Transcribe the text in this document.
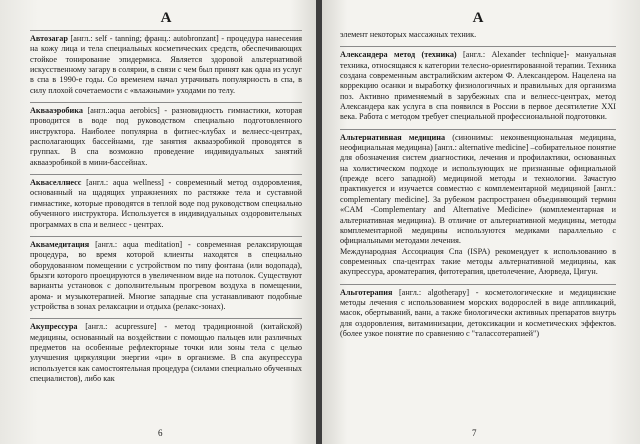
А

Автозагар [англ.: self - tanning; франц.: autobronzant] - процедура нанесения на кожу лица и тела специальных косметических средств, обеспечивающих стойкое тонирование эпидермиса. Является здоровой альтернативой искусственному загару в солярии, в связи с чем был принят как одна из услуг в спа в 1990-е годы. Со временем начал утрачивать популярность в спа, в силу плохой сочетаемости с «влажными» уходами по телу.

Аквааэробика [англ.:aqua aerobics] - разновидность гимнастики, которая проводится в воде под руководством специально подготовленного инструктора. Наиболее популярна в фитнес-клубах и велнесс-центрах, располагающих бассейнами, где занятия аквааэробикой проводятся в группах. В спа возможно проведение индивидуальных занятий аквааэробикой в мини-бассейнах.

Акваселлнесс [англ.: aqua wellness] - современный метод оздоровления, основанный на щадящих упражнениях по растяжке тела и суставной гимнастике, которые проводятся в теплой воде под руководством специально обученного инструктора. Используется в индивидуальных оздоровительных программах в спа и велнесс - центрах.

Аквамедитация [англ.: aqua meditation] - современная релаксирующая процедура, во время которой клиенты находятся в специально оборудованном помещении с устройством по типу фонтана (или водопада), брызги которого проецируются в увеличенном виде на потолок. Существуют варианты установок с дополнительным прогревом воздуха в помещении, арома- и музыкотерапией. Многие западные спа устанавливают подобные устройства в зонах релаксации и отдыха (релакс-зонах).

Акупрессура [англ.: acupressure] - метод традиционной (китайской) медицины, основанный на воздействии с помощью пальцев или различных предметов на особенные рефлекторные точки или зоны тела с целью улучшения циркуляции энергии «ци» в организме. В спа акупрессура используется как самостоятельная процедура (силами специально обученных специалистов), либо как

6
А

элемент некоторых массажных техник.

Александера метод (техника) [англ.: Alexander technique]- мануальная техника, относящаяся к категории телесно-ориентированной терапии. Техника создана современным австралийским актером Ф. Александером. Нацелена на коррекцию осанки и выработку физиологичных и правильных для организма поз. Активно применяемый в зарубежных спа и велнесс-центрах, метод Александера как услуга в спа появился в России в первое десятилетие XXI века. Работа с методом требует специальной профессиональной подготовки.

Альтернативная медицина (синонимы: неконвенциональная медицина, неофициальная медицина) [англ.: alternative medicine] –собирательное понятие для обозначения систем диагностики, лечения и профилактики, основанных на холистическом подходе и использующих не признанные официальной (прежде всего западной) медициной методы и технологии. Зачастую практикуется и изучается совместно с комплементарной медициной [англ.: complementary medicine]. За рубежом распространен объединяющий термин «CAM -Complementary and Alternative Medicine» (комплементарная и альтернативная медицина). В отличие от альтернативной медицины, методы комплементарной медицины используются медиками параллельно с официальными методами лечения.
Международная Ассоциация Спа (ISPA) рекомендует к использованию в современных спа-центрах такие методы альтернативной медицины, как акупрессура, ароматерапия, фитотерапия, цветолечение, Аюрведа, Цигун.

Альготерапия [англ.: algotherapy] - косметологические и медицинские методы лечения с использованием морских водорослей в виде аппликаций, масок, обертываний, ванн, а также биологически активных препаратов внутрь для оздоровления, витаминизации, детоксикации и косметических эффектов. (более узкое понятие по сравнению с "талассотерапией")

7
